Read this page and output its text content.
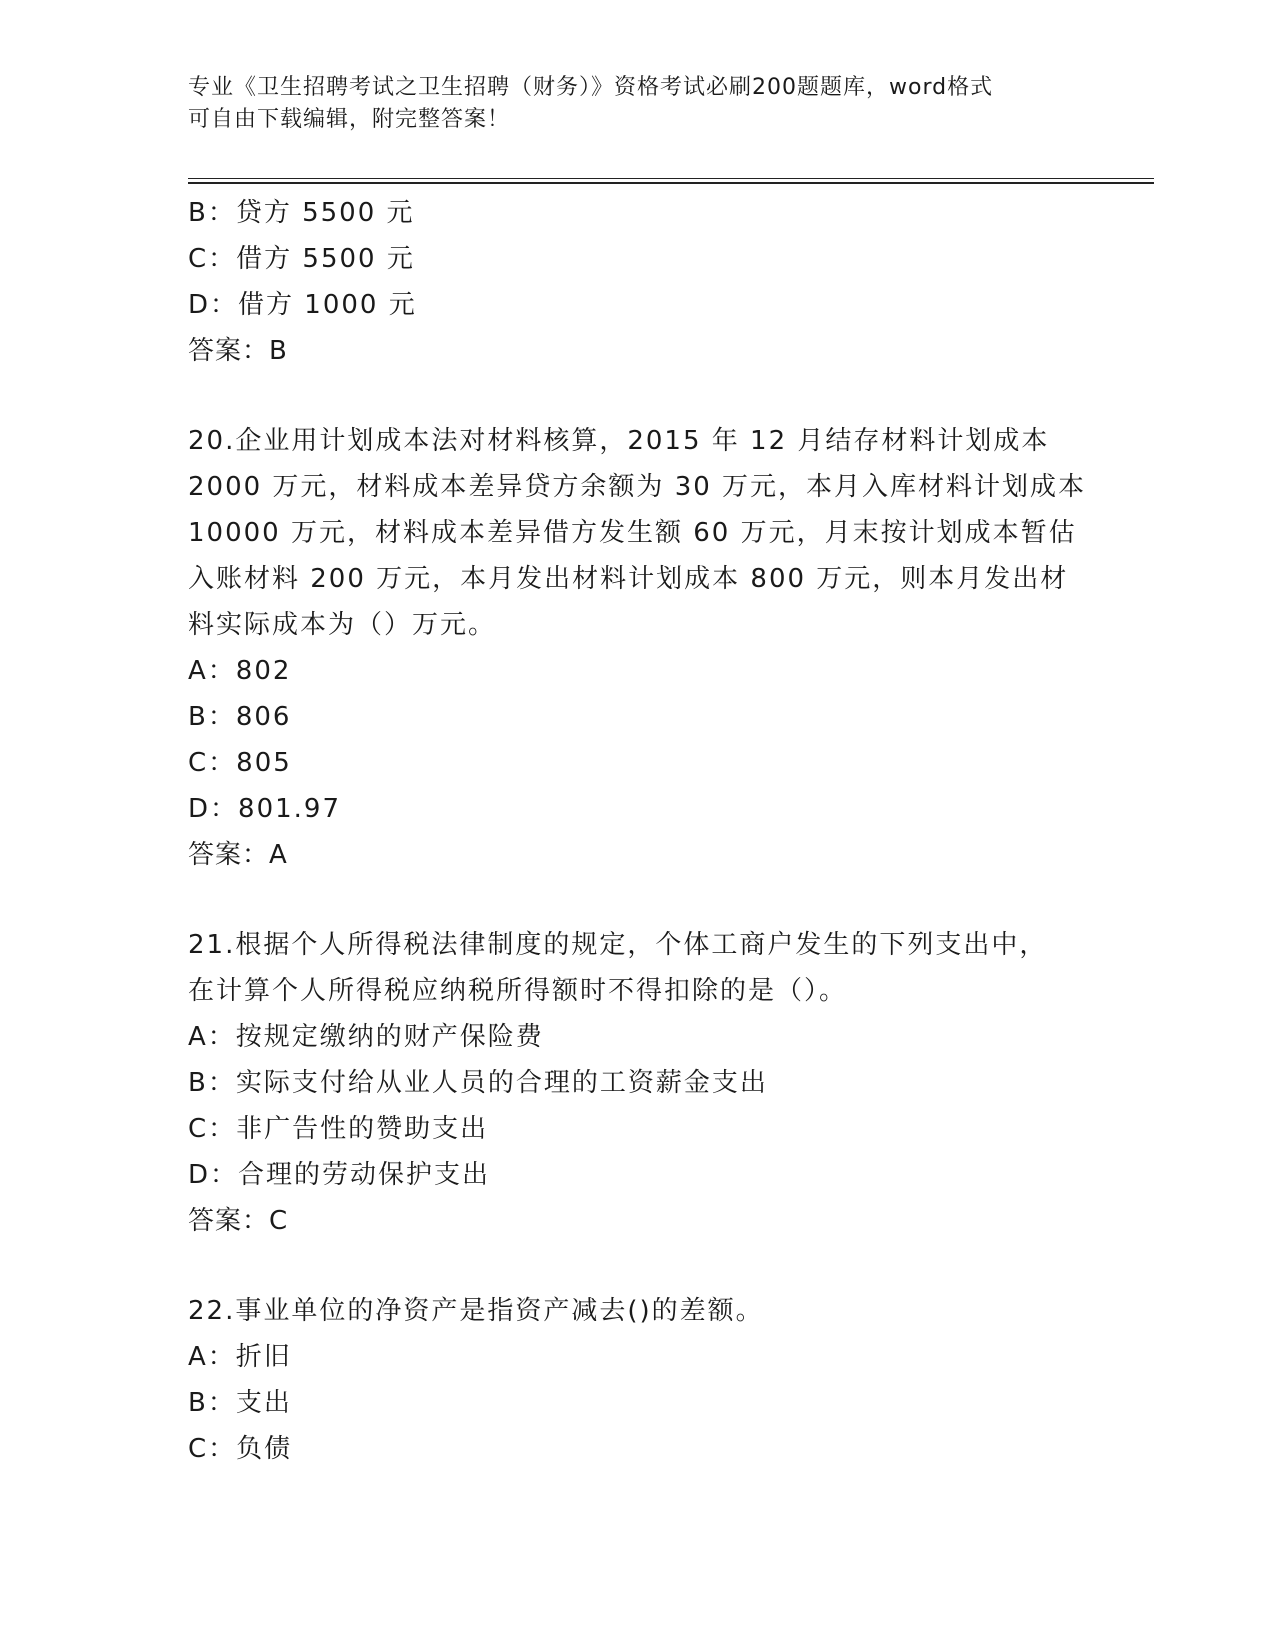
专业《卫生招聘考试之卫生招聘（财务）》资格考试必刷200题题库，word格式
可自由下载编辑，附完整答案！
B：贷方 5500 元
C：借方 5500 元
D：借方 1000 元
答案：B
20.企业用计划成本法对材料核算，2015 年 12 月结存材料计划成本
2000 万元，材料成本差异贷方余额为 30 万元，本月入库材料计划成本
10000 万元，材料成本差异借方发生额 60 万元，月末按计划成本暂估
入账材料 200 万元，本月发出材料计划成本 800 万元，则本月发出材
料实际成本为（）万元。
A：802
B：806
C：805
D：801.97
答案：A
21.根据个人所得税法律制度的规定，个体工商户发生的下列支出中，
在计算个人所得税应纳税所得额时不得扣除的是（）。
A：按规定缴纳的财产保险费
B：实际支付给从业人员的合理的工资薪金支出
C：非广告性的赞助支出
D：合理的劳动保护支出
答案：C
22.事业单位的净资产是指资产减去()的差额。
A：折旧
B：支出
C：负债
